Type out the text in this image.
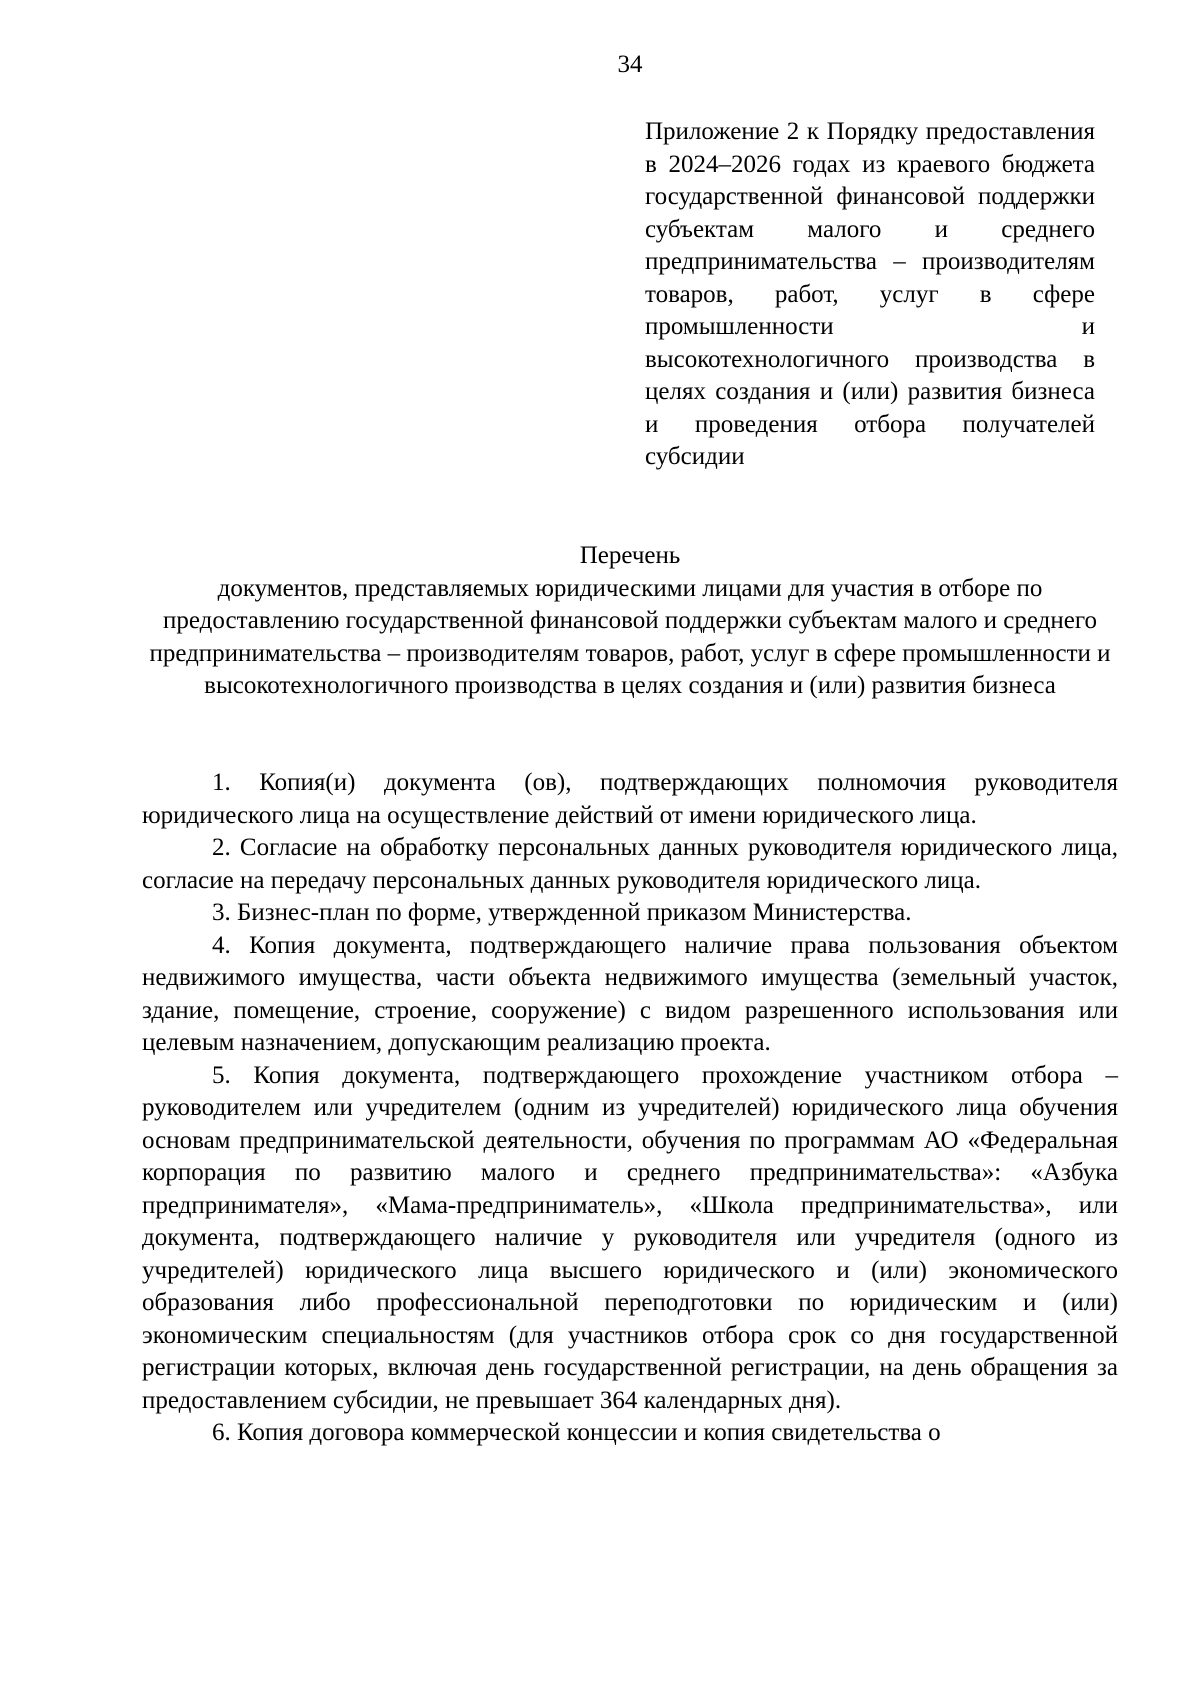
34
Приложение 2 к Порядку предоставления в 2024–2026 годах из краевого бюджета государственной финансовой поддержки субъектам малого и среднего предпринимательства – производителям товаров, работ, услуг в сфере промышленности и высокотехнологичного производства в целях создания и (или) развития бизнеса и проведения отбора получателей субсидии
Перечень
документов, представляемых юридическими лицами для участия в отборе по предоставлению государственной финансовой поддержки субъектам малого и среднего предпринимательства – производителям товаров, работ, услуг в сфере промышленности и высокотехнологичного производства в целях создания и (или) развития бизнеса

1. Копия(и) документа (ов), подтверждающих полномочия руководителя юридического лица на осуществление действий от имени юридического лица.

2. Согласие на обработку персональных данных руководителя юридического лица, согласие на передачу персональных данных руководителя юридического лица.

3. Бизнес-план по форме, утвержденной приказом Министерства.

4. Копия документа, подтверждающего наличие права пользования объектом недвижимого имущества, части объекта недвижимого имущества (земельный участок, здание, помещение, строение, сооружение) с видом разрешенного использования или целевым назначением, допускающим реализацию проекта.

5. Копия документа, подтверждающего прохождение участником отбора – руководителем или учредителем (одним из учредителей) юридического лица обучения основам предпринимательской деятельности, обучения по программам АО «Федеральная корпорация по развитию малого и среднего предпринимательства»: «Азбука предпринимателя», «Мама-предприниматель», «Школа предпринимательства», или документа, подтверждающего наличие у руководителя или учредителя (одного из учредителей) юридического лица высшего юридического и (или) экономического образования либо профессиональной переподготовки по юридическим и (или) экономическим специальностям (для участников отбора срок со дня государственной регистрации которых, включая день государственной регистрации, на день обращения за предоставлением субсидии, не превышает 364 календарных дня).

6. Копия договора коммерческой концессии и копия свидетельства о
